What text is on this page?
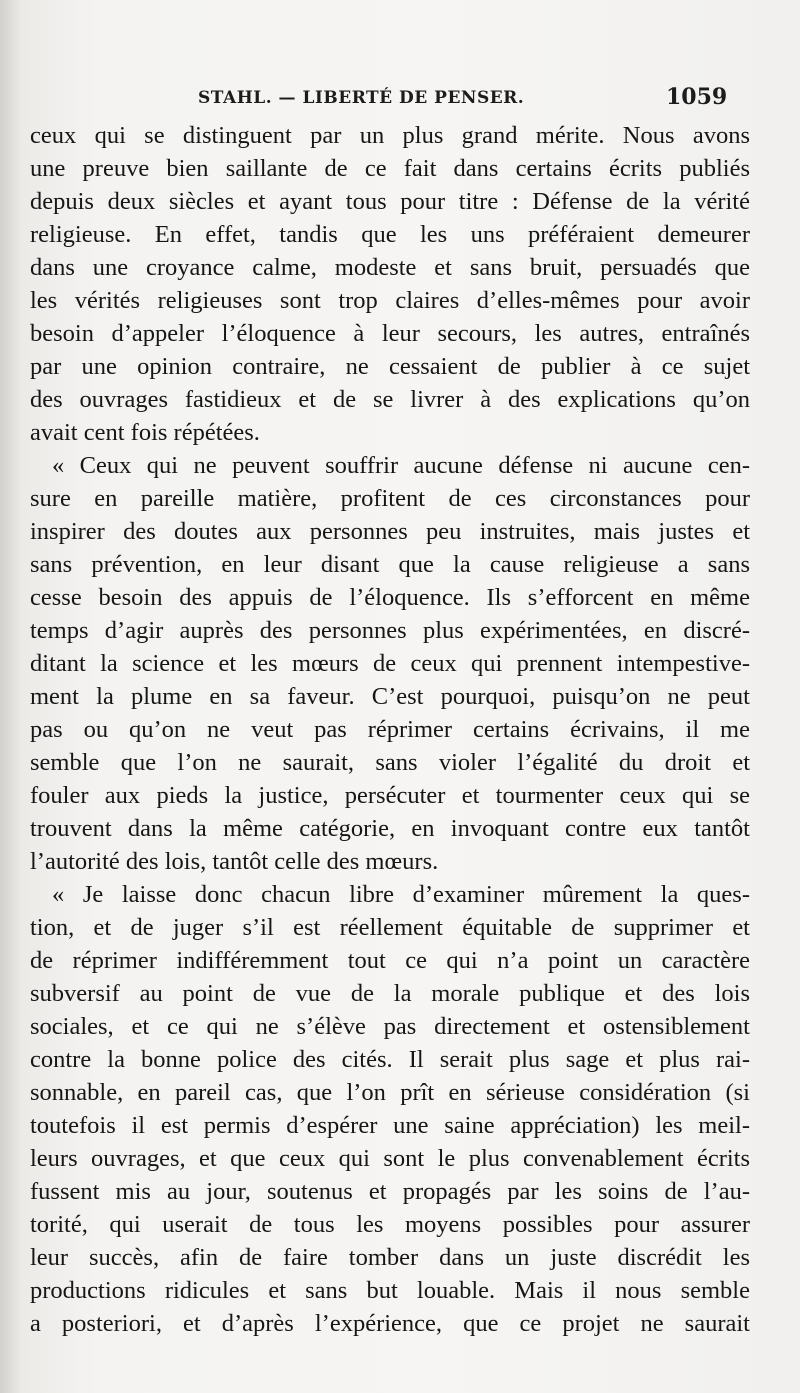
STAHL. — LIBERTÉ DE PENSER.	1059
ceux qui se distinguent par un plus grand mérite. Nous avons
une preuve bien saillante de ce fait dans certains écrits publiés
depuis deux siècles et ayant tous pour titre : Défense de la vérité
religieuse. En effet, tandis que les uns préféraient demeurer
dans une croyance calme, modeste et sans bruit, persuadés que
les vérités religieuses sont trop claires d’elles-mêmes pour avoir
besoin d’appeler l’éloquence à leur secours, les autres, entraînés
par une opinion contraire, ne cessaient de publier à ce sujet
des ouvrages fastidieux et de se livrer à des explications qu’on
avait cent fois répétées.
« Ceux qui ne peuvent souffrir aucune défense ni aucune cen-
sure en pareille matière, profitent de ces circonstances pour
inspirer des doutes aux personnes peu instruites, mais justes et
sans prévention, en leur disant que la cause religieuse a sans
cesse besoin des appuis de l’éloquence. Ils s’efforcent en même
temps d’agir auprès des personnes plus expérimentées, en discré-
ditant la science et les mœurs de ceux qui prennent intempestive-
ment la plume en sa faveur. C’est pourquoi, puisqu’on ne peut
pas ou qu’on ne veut pas réprimer certains écrivains, il me
semble que l’on ne saurait, sans violer l’égalité du droit et
fouler aux pieds la justice, persécuter et tourmenter ceux qui se
trouvent dans la même catégorie, en invoquant contre eux tantôt
l’autorité des lois, tantôt celle des mœurs.
« Je laisse donc chacun libre d’examiner mûrement la ques-
tion, et de juger s’il est réellement équitable de supprimer et
de réprimer indifféremment tout ce qui n’a point un caractère
subversif au point de vue de la morale publique et des lois
sociales, et ce qui ne s’élève pas directement et ostensiblement
contre la bonne police des cités. Il serait plus sage et plus rai-
sonnable, en pareil cas, que l’on prît en sérieuse considération (si
toutefois il est permis d’espérer une saine appréciation) les meil-
leurs ouvrages, et que ceux qui sont le plus convenablement écrits
fussent mis au jour, soutenus et propagés par les soins de l’au-
torité, qui userait de tous les moyens possibles pour assurer
leur succès, afin de faire tomber dans un juste discrédit les
productions ridicules et sans but louable. Mais il nous semble
a posteriori, et d’après l’expérience, que ce projet ne saurait
